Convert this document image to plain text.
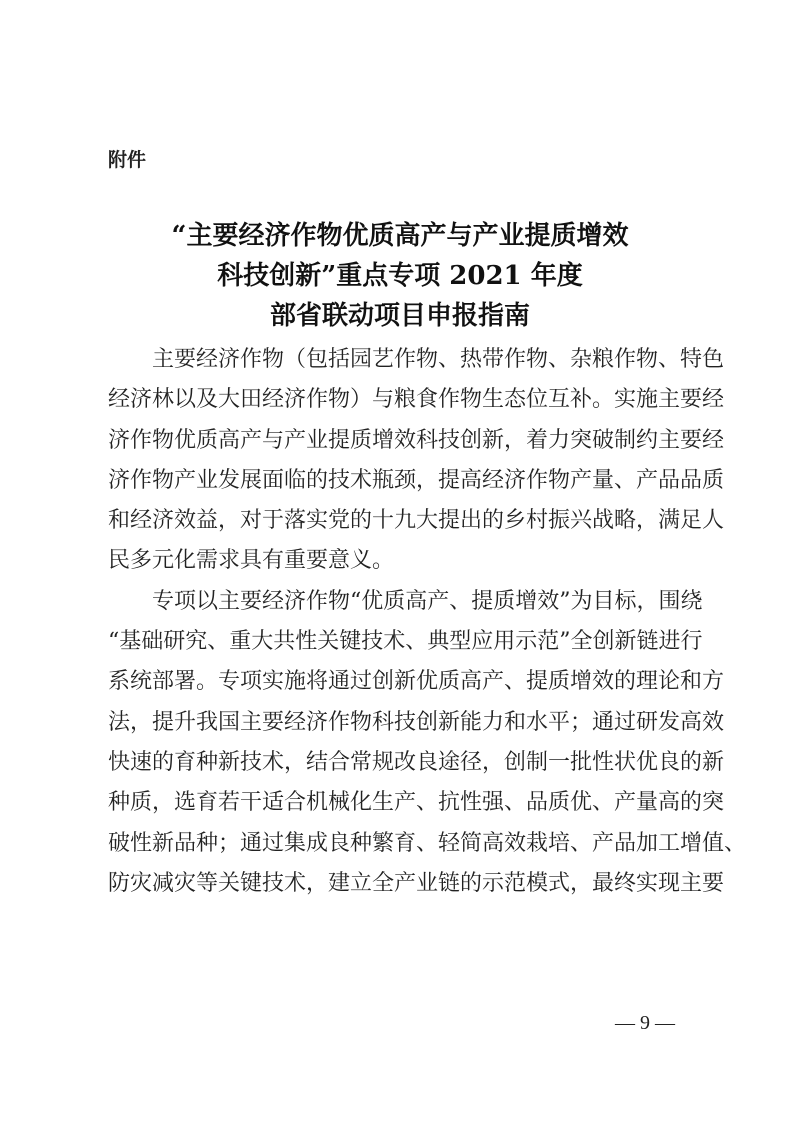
附件
“主要经济作物优质高产与产业提质增效
科技创新”重点专项 2021 年度
部省联动项目申报指南
主要经济作物（包括园艺作物、热带作物、杂粮作物、特色
经济林以及大田经济作物）与粮食作物生态位互补。实施主要经
济作物优质高产与产业提质增效科技创新，着力突破制约主要经
济作物产业发展面临的技术瓶颈，提高经济作物产量、产品品质
和经济效益，对于落实党的十九大提出的乡村振兴战略，满足人
民多元化需求具有重要意义。
专项以主要经济作物“优质高产、提质增效”为目标，围绕
“基础研究、重大共性关键技术、典型应用示范”全创新链进行
系统部署。专项实施将通过创新优质高产、提质增效的理论和方
法，提升我国主要经济作物科技创新能力和水平；通过研发高效
快速的育种新技术，结合常规改良途径，创制一批性状优良的新
种质，选育若干适合机械化生产、抗性强、品质优、产量高的突
破性新品种；通过集成良种繁育、轻简高效栽培、产品加工增值、
防灾减灾等关键技术，建立全产业链的示范模式，最终实现主要
— 9 —
